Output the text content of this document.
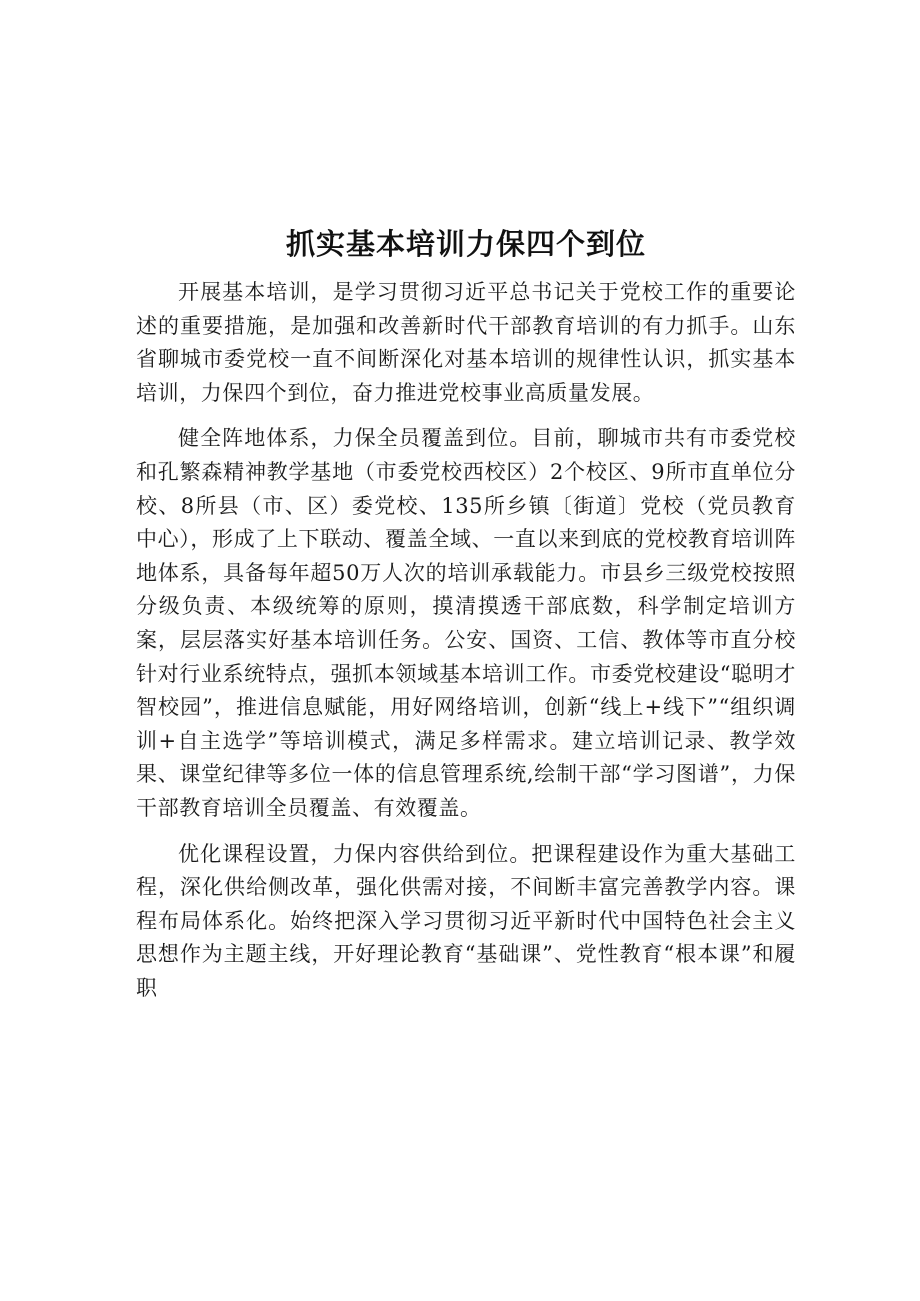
抓实基本培训力保四个到位

开展基本培训，是学习贯彻习近平总书记关于党校工作的重要论述的重要措施，是加强和改善新时代干部教育培训的有力抓手。山东省聊城市委党校一直不间断深化对基本培训的规律性认识，抓实基本培训，力保四个到位，奋力推进党校事业高质量发展。

健全阵地体系，力保全员覆盖到位。目前，聊城市共有市委党校和孔繁森精神教学基地（市委党校西校区）2个校区、9所市直单位分校、8所县（市、区）委党校、135所乡镇〔街道〕党校（党员教育中心），形成了上下联动、覆盖全域、一直以来到底的党校教育培训阵地体系，具备每年超50万人次的培训承载能力。市县乡三级党校按照分级负责、本级统筹的原则，摸清摸透干部底数，科学制定培训方案，层层落实好基本培训任务。公安、国资、工信、教体等市直分校针对行业系统特点，强抓本领域基本培训工作。市委党校建设“聪明才智校园”，推进信息赋能，用好网络培训，创新“线上+线下”“组织调训+自主选学”等培训模式，满足多样需求。建立培训记录、教学效果、课堂纪律等多位一体的信息管理系统,绘制干部“学习图谱”，力保干部教育培训全员覆盖、有效覆盖。

优化课程设置，力保内容供给到位。把课程建设作为重大基础工程，深化供给侧改革，强化供需对接，不间断丰富完善教学内容。课程布局体系化。始终把深入学习贯彻习近平新时代中国特色社会主义思想作为主题主线，开好理论教育“基础课”、党性教育“根本课”和履职
